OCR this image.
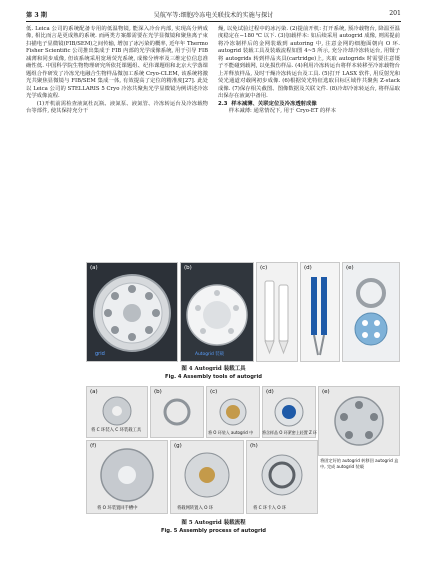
第 3 期	吴航军等:细胞冷冻电关联技术的实施与探讨	201

低. Leica 公司的系统配备专用的低温物镜, 能深入冷台内部, 实现高分辨成像, 相比而言是更成熟的系统. 而两类方案都需要在光学显微镜和聚焦离子束扫描电子显微镜(FIB/SEM)之间传输, 增加了冰污染的概率, 近年年 Thermo Fisher Scientific 公司推出集成于 FIB 内部的光学成像系统, 用于引导 FIB 减薄和同步成像, 但该系统采用宽场荧光系统, 成像分辨率及三维定位信息准确性低. 中国科学院生物物理研究所依托课题组、纪伟课题组和北京大学落课题组合作研发了冷冻光电融合生物样品微加工系统 Cryo-CLEM, 该系统将激光共聚焦显微镜与 FIB/SEM 集成一体, 有效提高了定位的精准度[27]. 此处以 Leica 公司的 STELLARIS 5 Cryo 冷冻共聚焦光学显微镜为例讲述冷冻光学成像流程.

(1)开机前需检查液氮杜瓦瓶、液氮泵、液氮管、冷冻转运台及冷冻载物台等部件, 使其保持充分干

燥, 以免试验过程中的冰污染. (2)提前开机: 打开系统, 预冷载物台, 降温至温度稳定在−180 ℃ 以下. (3)加载样本: 如后续采用 autogrid 成像, 则需提前将冷冻制样后的金网装载到 autoring 中, 注意金网的细胞面朝向 O 环. autogrid 装载工具及装载流程如图 4~5 所示, 充分冷却冷冻转运台, 用镊子将 autogrids 转到样品夹具(cartridge)上, 夹取 autogrids 时需要注意镊子不能碰到载网, 以免损伤样品. (4)利用冷冻转运台将样本转移至冷冻载物台上并释放样品, 及时干燥冷冻转运台及工具. (5)打开 LASX 软件, 用反射光和荧光通道对载网初步成像. (6)根据荧光特征选取目标区域作共聚焦 Z-stack 成像. (7)保存相关截图、图像数据及关联文件. (8)冷却冷冻转运台, 将样品取出保存在液氮中备用.

2.3 样本减薄、关联定位及冷冻透射成像

样本减薄: 通常情况下, 用于 Cryo-ET 的样本

(a)
grid
(b)
Autogrid 装载
(c)	(d)	(e)
图 4 Autogrid 装载工具
Fig. 4 Assembly tools of autogrid
(a)
将 C 环装入 C 环装载工具
(b)	(c)	(d)	(e)
(f)
将 O 环装置回手槽中
(g)
将载网转置入 O 环
(h)
将 C 环卡入 O 环
将固定好的 autogrid 转移回 autogrid 盒中, 完成 autogrid 装载
将 O 环装入 autogrid 中 将含样品 O 环紧密上轻置 Z 环
图 5 Autogrid 装载流程
Fig. 5 Assembly process of autogrid
